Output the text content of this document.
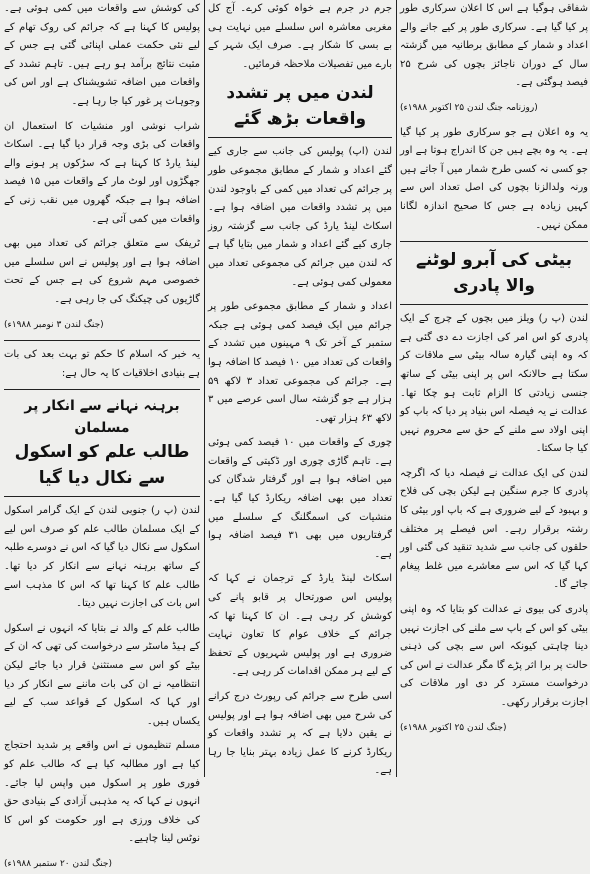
شفاقی ہوگیا ہے اس کا اعلان سرکاری طور پر کیا گیا ہے۔ سرکاری طور پر کیے جانے والے اعداد و شمار کے مطابق برطانیہ میں گزشتہ سال کے دوران ناجائز بچوں کی شرح ۲۵ فیصد ہوگئی ہے۔

(روزنامہ جنگ لندن ۲۵ اکتوبر ۱۹۸۸ء)

یہ وہ اعلان ہے جو سرکاری طور پر کیا گیا ہے۔ یہ وہ بچے ہیں جن کا اندراج ہوتا ہے اور جو کسی نہ کسی طرح شمار میں آ جاتے ہیں ورنہ ولدالزنا بچوں کی اصل تعداد اس سے کہیں زیادہ ہے جس کا صحیح اندازہ لگانا ممکن نہیں۔

بیٹی کی آبرو لوٹنے والا پادری

لندن (پ ر) ویلز میں بچوں کے چرچ کے ایک پادری کو اس امر کی اجازت دے دی گئی ہے کہ وہ اپنی گیارہ سالہ بیٹی سے ملاقات کر سکتا ہے حالانکہ اس پر اپنی بیٹی کے ساتھ جنسی زیادتی کا الزام ثابت ہو چکا تھا۔ عدالت نے یہ فیصلہ اس بنیاد پر دیا کہ باپ کو اپنی اولاد سے ملنے کے حق سے محروم نہیں کیا جا سکتا۔

لندن کی ایک عدالت نے فیصلہ دیا کہ اگرچہ پادری کا جرم سنگین ہے لیکن بچی کی فلاح و بہبود کے لیے ضروری ہے کہ باپ اور بیٹی کا رشتہ برقرار رہے۔ اس فیصلے پر مختلف حلقوں کی جانب سے شدید تنقید کی گئی اور کہا گیا کہ اس سے معاشرے میں غلط پیغام جائے گا۔

پادری کی بیوی نے عدالت کو بتایا کہ وہ اپنی بیٹی کو اس کے باپ سے ملنے کی اجازت نہیں دینا چاہتی کیونکہ اس سے بچی کی ذہنی حالت پر برا اثر پڑے گا مگر عدالت نے اس کی درخواست مسترد کر دی اور ملاقات کی اجازت برقرار رکھی۔

(جنگ لندن ۲۵ اکتوبر ۱۹۸۸ء)

جرم در جرم ہے خواہ کوئی کرے۔ آج کل مغربی معاشرہ اس سلسلے میں نہایت ہی بے بسی کا شکار ہے۔ صرف ایک شہر کے بارے میں تفصیلات ملاحظہ فرمائیں۔

لندن میں پر تشدد واقعات بڑھ گئے

لندن (اپ) پولیس کی جانب سے جاری کیے گئے اعداد و شمار کے مطابق مجموعی طور پر جرائم کی تعداد میں کمی کے باوجود لندن میں پر تشدد واقعات میں اضافہ ہوا ہے۔ اسکاٹ لینڈ یارڈ کی جانب سے گزشتہ روز جاری کیے گئے اعداد و شمار میں بتایا گیا ہے کہ لندن میں جرائم کی مجموعی تعداد میں معمولی کمی ہوئی ہے۔

اعداد و شمار کے مطابق مجموعی طور پر جرائم میں ایک فیصد کمی ہوئی ہے جبکہ ستمبر کے آخر تک ۹ مہینوں میں تشدد کے واقعات کی تعداد میں ۱۰ فیصد کا اضافہ ہوا ہے۔ جرائم کی مجموعی تعداد ۳ لاکھ ۵۹ ہزار ہے جو گزشتہ سال اسی عرصے میں ۳ لاکھ ۶۳ ہزار تھی۔

چوری کے واقعات میں ۱۰ فیصد کمی ہوئی ہے۔ تاہم گاڑی چوری اور ڈکیتی کے واقعات میں اضافہ ہوا ہے اور گرفتار شدگان کی تعداد میں بھی اضافہ ریکارڈ کیا گیا ہے۔ منشیات کی اسمگلنگ کے سلسلے میں گرفتاریوں میں بھی ۳۱ فیصد اضافہ ہوا ہے۔

اسکاٹ لینڈ یارڈ کے ترجمان نے کہا کہ پولیس اس صورتحال پر قابو پانے کی کوشش کر رہی ہے۔ ان کا کہنا تھا کہ جرائم کے خلاف عوام کا تعاون نہایت ضروری ہے اور پولیس شہریوں کے تحفظ کے لیے ہر ممکن اقدامات کر رہی ہے۔

اسی طرح سے جرائم کی رپورٹ درج کرانے کی شرح میں بھی اضافہ ہوا ہے اور پولیس نے یقین دلایا ہے کہ پر تشدد واقعات کو ریکارڈ کرنے کا عمل زیادہ بہتر بنایا جا رہا ہے۔

کی کوشش سے واقعات میں کمی ہوئی ہے۔ پولیس کا کہنا ہے کہ جرائم کی روک تھام کے لیے نئی حکمت عملی اپنائی گئی ہے جس کے مثبت نتائج برآمد ہو رہے ہیں۔ تاہم تشدد کے واقعات میں اضافہ تشویشناک ہے اور اس کی وجوہات پر غور کیا جا رہا ہے۔

شراب نوشی اور منشیات کا استعمال ان واقعات کی بڑی وجہ قرار دیا گیا ہے۔ اسکاٹ لینڈ یارڈ کا کہنا ہے کہ سڑکوں پر ہونے والے جھگڑوں اور لوٹ مار کے واقعات میں ۱۵ فیصد اضافہ ہوا ہے جبکہ گھروں میں نقب زنی کے واقعات میں کمی آئی ہے۔

ٹریفک سے متعلق جرائم کی تعداد میں بھی اضافہ ہوا ہے اور پولیس نے اس سلسلے میں خصوصی مہم شروع کی ہے جس کے تحت گاڑیوں کی چیکنگ کی جا رہی ہے۔

(جنگ لندن ۳ نومبر ۱۹۸۸ء)

یہ خبر کہ اسلام کا حکم تو بہت بعد کی بات ہے بنیادی اخلاقیات کا یہ حال ہے:

برہنہ نہانے سے انکار پر مسلمان
طالب علم کو اسکول سے نکال دیا گیا

لندن (پ ر) جنوبی لندن کے ایک گرامر اسکول کے ایک مسلمان طالب علم کو صرف اس لیے اسکول سے نکال دیا گیا کہ اس نے دوسرے طلبہ کے ساتھ برہنہ نہانے سے انکار کر دیا تھا۔ طالب علم کا کہنا تھا کہ اس کا مذہب اسے اس بات کی اجازت نہیں دیتا۔

طالب علم کے والد نے بتایا کہ انہوں نے اسکول کے ہیڈ ماسٹر سے درخواست کی تھی کہ ان کے بیٹے کو اس سے مستثنیٰ قرار دیا جائے لیکن انتظامیہ نے ان کی بات ماننے سے انکار کر دیا اور کہا کہ اسکول کے قواعد سب کے لیے یکساں ہیں۔

مسلم تنظیموں نے اس واقعے پر شدید احتجاج کیا ہے اور مطالبہ کیا ہے کہ طالب علم کو فوری طور پر اسکول میں واپس لیا جائے۔ انہوں نے کہا کہ یہ مذہبی آزادی کے بنیادی حق کی خلاف ورزی ہے اور حکومت کو اس کا نوٹس لینا چاہیے۔

(جنگ لندن ۲۰ ستمبر ۱۹۸۸ء)
